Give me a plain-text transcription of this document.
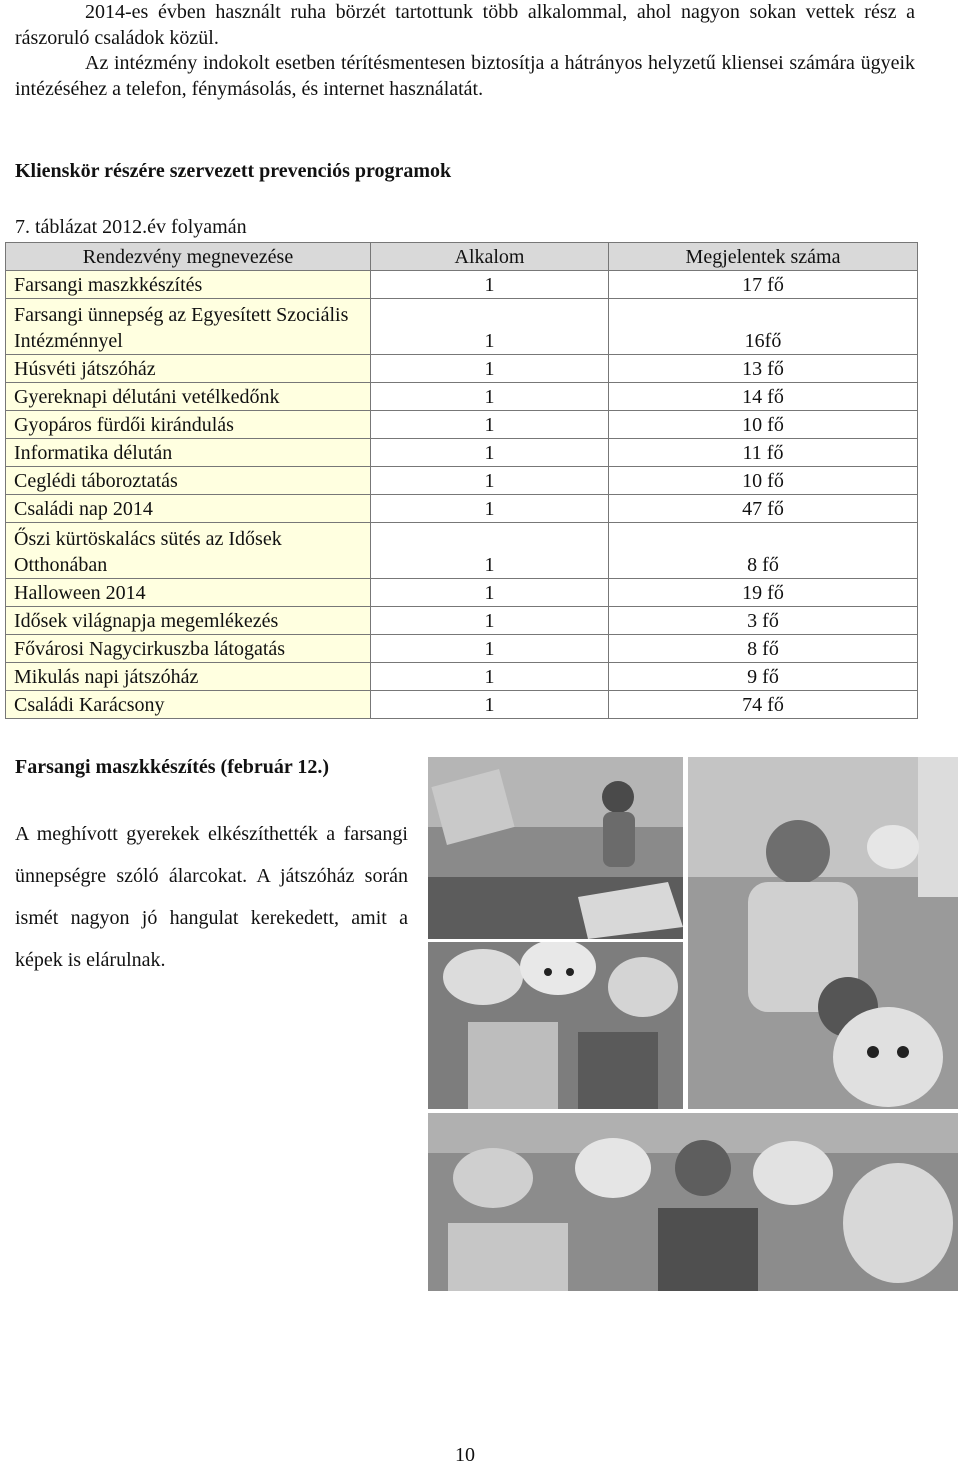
2014-es évben használt ruha börzét tartottunk több alkalommal, ahol nagyon sokan vettek rész a rászoruló családok közül.

Az intézmény indokolt esetben térítésmentesen biztosítja a hátrányos helyzetű kliensei számára ügyeik intézéséhez a telefon, fénymásolás, és internet használatát.

Klienskör részére szervezett prevenciós programok

7. táblázat 2012.év folyamán

Rendezvény megnevezése	Alkalom	Megjelentek száma
Farsangi maszkkészítés	1	17 fő
Farsangi ünnepség az Egyesített Szociális Intézménnyel	1	16fő
Húsvéti játszóház	1	13 fő
Gyereknapi délutáni vetélkedőnk	1	14 fő
Gyopáros fürdői kirándulás	1	10 fő
Informatika délután	1	11 fő
Ceglédi táboroztatás	1	10 fő
Családi nap 2014	1	47 fő
Őszi kürtöskalács sütés az Idősek Otthonában	1	8 fő
Halloween 2014	1	19 fő
Idősek világnapja megemlékezés	1	3 fő
Fővárosi Nagycirkuszba látogatás	1	8 fő
Mikulás napi játszóház	1	9 fő
Családi Karácsony	1	74 fő

Farsangi maszkkészítés (február 12.)

A meghívott gyerekek elkészíthették a farsangi ünnepségre szóló álarcokat. A játszóház során ismét nagyon jó hangulat kerekedett, amit a képek is elárulnak.

10
